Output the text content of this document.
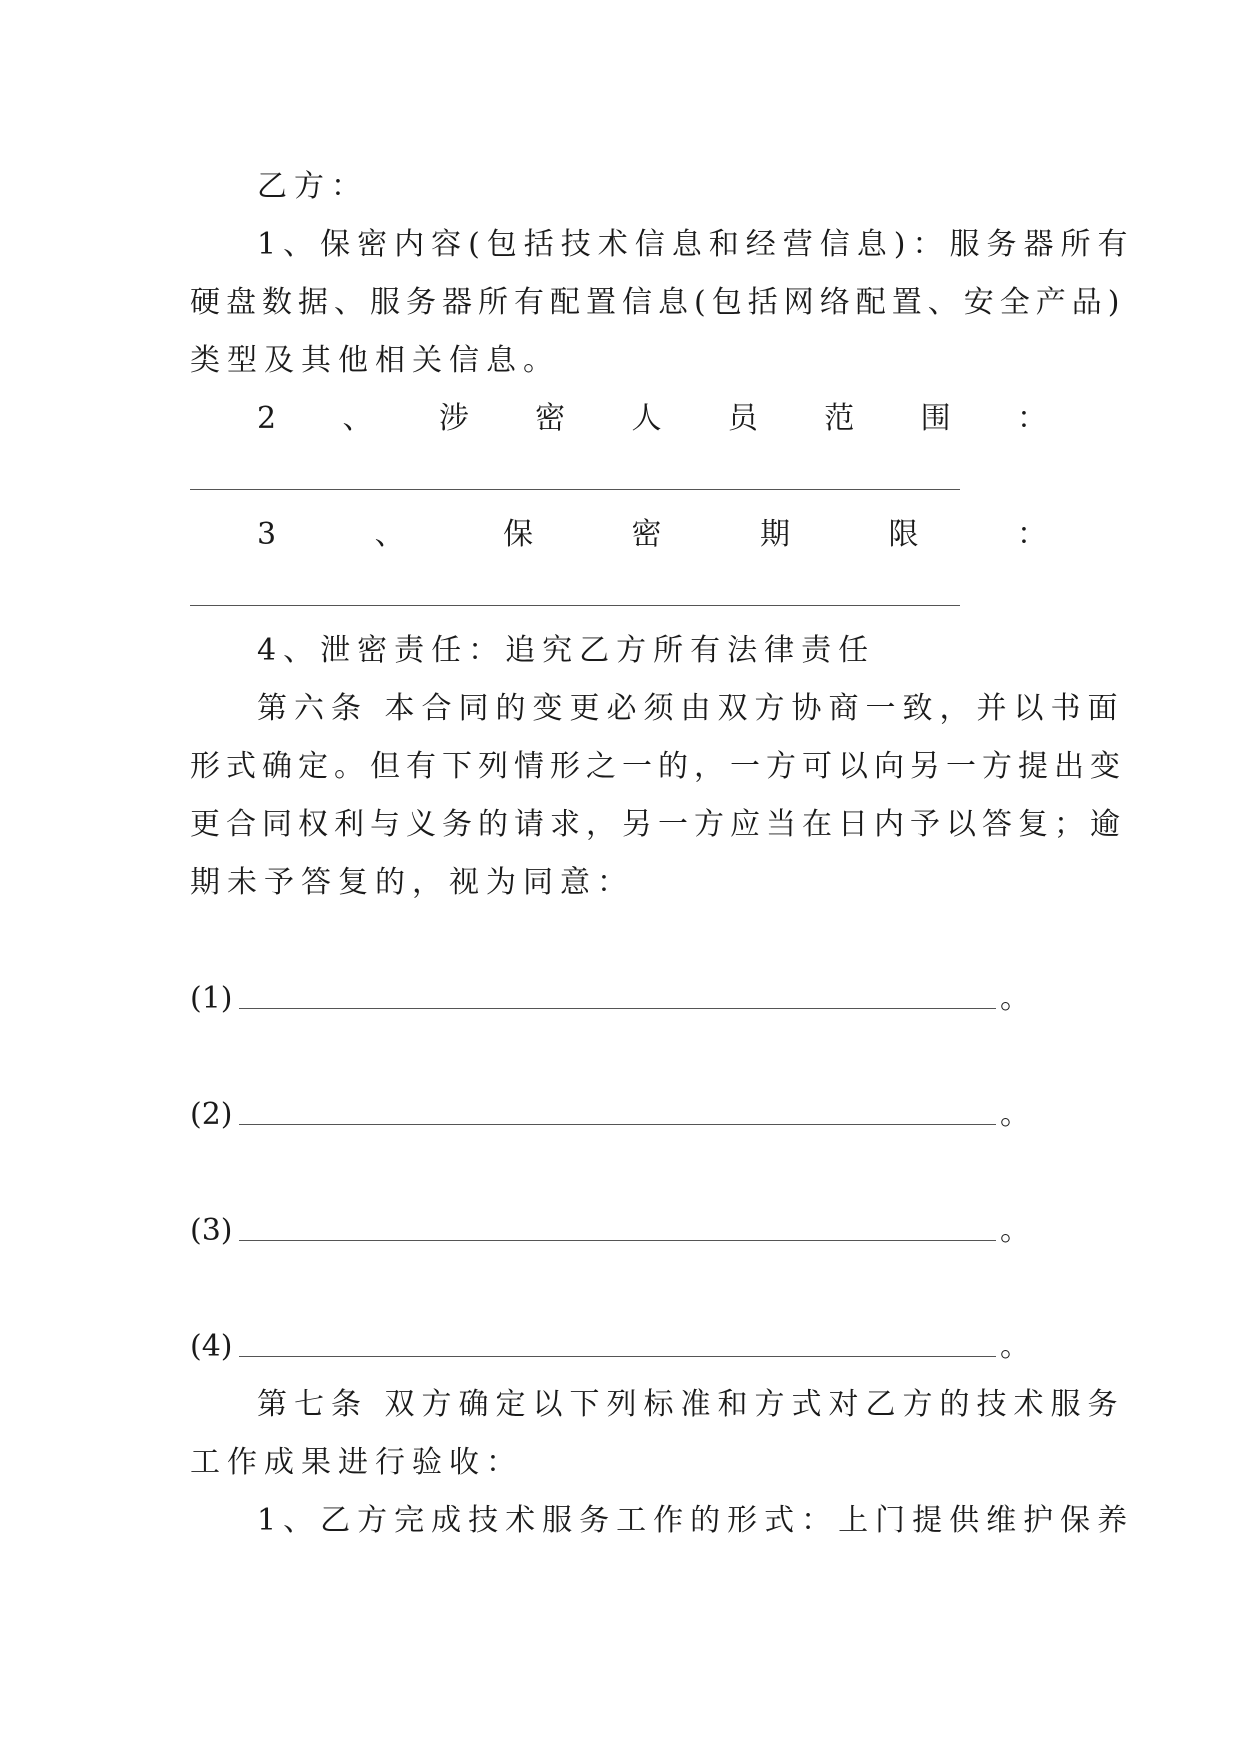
乙方：
1、保密内容(包括技术信息和经营信息)：服务器所有
硬盘数据、服务器所有配置信息(包括网络配置、安全产品)
类型及其他相关信息。
2 、 涉 密 人 员 范 围 ：
3	、	保	密	期	限	：
4、泄密责任：追究乙方所有法律责任
第六条 本合同的变更必须由双方协商一致，并以书面
形式确定。但有下列情形之一的，一方可以向另一方提出变
更合同权利与义务的请求，另一方应当在日内予以答复；逾
期未予答复的，视为同意：
(1)	。
(2)	。
(3)	。
(4)	。
第七条 双方确定以下列标准和方式对乙方的技术服务
工作成果进行验收：
1、乙方完成技术服务工作的形式：上门提供维护保养
